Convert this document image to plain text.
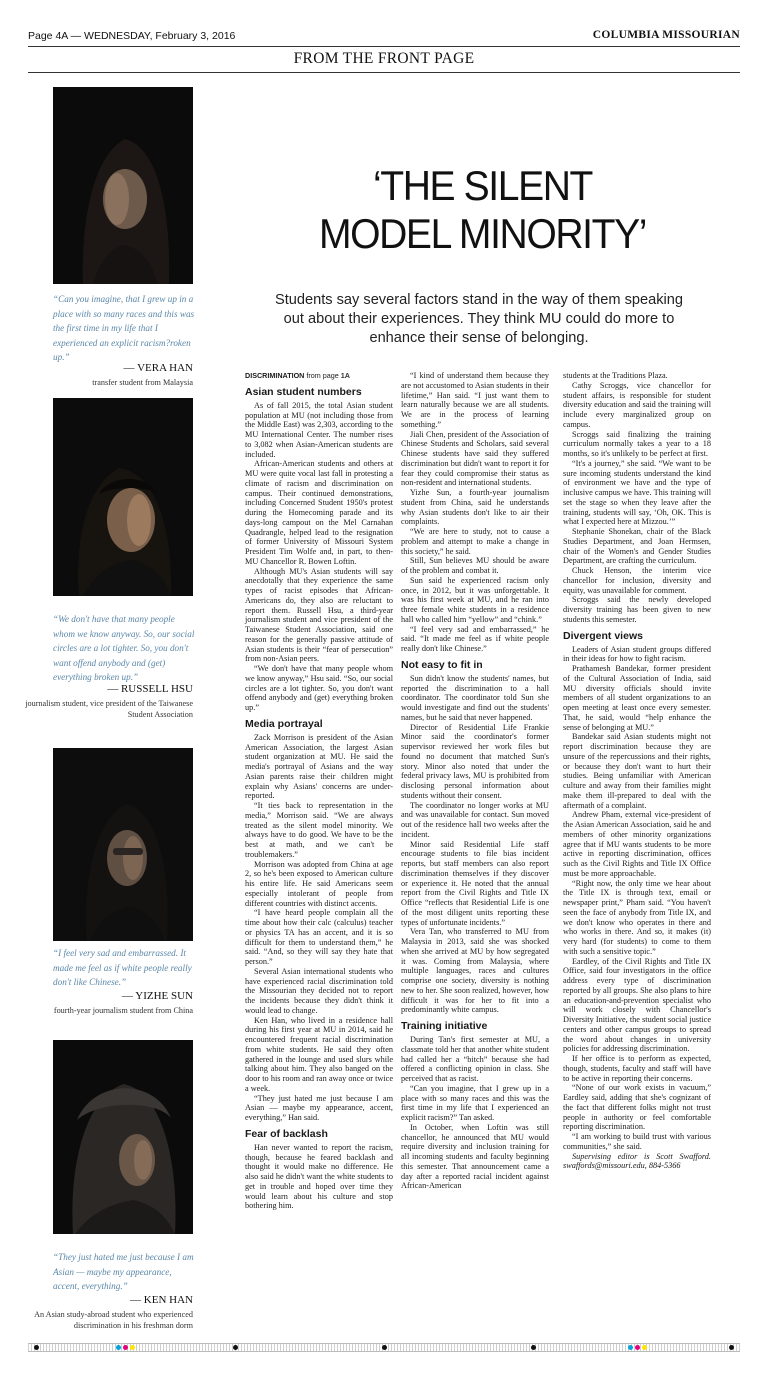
Page 4A — WEDNESDAY, February 3, 2016	COLUMBIA MISSOURIAN
FROM THE FRONT PAGE
“Can you imagine, that I grew up in a place with so many races and this was the first time in my life that I experienced an explicit racism?roken up.”
— VERA HAN
transfer student from Malaysia
“We don't have that many people whom we know anyway. So, our social circles are a lot tighter. So, you don't want offend anybody and (get) everything broken up.”
— RUSSELL HSU
journalism student, vice president of the Taiwanese Student Association
“I feel very sad and embarrassed. It made me feel as if white people really don't like Chinese.”
— YIZHE SUN
fourth-year journalism student from China
“They just hated me just because I am Asian — maybe my appearance, accent, everything.”
— KEN HAN
An Asian study-abroad student who experienced discrimination in his freshman dorm
‘THE SILENT
MODEL MINORITY’
Students say several factors stand in the way of them speaking out about their experiences. They think MU could do more to enhance their sense of belonging.
DISCRIMINATION from page 1A
Asian student numbers

As of fall 2015, the total Asian student population at MU (not including those from the Middle East) was 2,303, according to the MU International Center. The number rises to 3,082 when Asian-American students are included.

African-American students and others at MU were quite vocal last fall in protesting a climate of racism and discrimination on campus. Their continued demonstrations, including Concerned Student 1950's protest during the Homecoming parade and its days-long campout on the Mel Carnahan Quadrangle, helped lead to the resignation of former University of Missouri System President Tim Wolfe and, in part, to then-MU Chancellor R. Bowen Loftin.

Although MU's Asian students will say anecdotally that they experience the same types of racist episodes that African-Americans do, they also are reluctant to report them. Russell Hsu, a third-year journalism student and vice president of the Taiwanese Student Association, said one reason for the generally passive attitude of Asian students is their “fear of persecution” from non-Asian peers.

“We don't have that many people whom we know anyway,” Hsu said. “So, our social circles are a lot tighter. So, you don't want offend anybody and (get) everything broken up.”

Media portrayal

Zack Morrison is president of the Asian American Association, the largest Asian student organization at MU. He said the media's portrayal of Asians and the way Asian parents raise their children might explain why Asians' concerns are under-reported.

“It ties back to representation in the media,” Morrison said. “We are always treated as the silent model minority. We always have to do good. We have to be the best at math, and we can't be troublemakers.”

Morrison was adopted from China at age 2, so he's been exposed to American culture his entire life. He said Americans seem especially intolerant of people from different countries with distinct accents.

“I have heard people complain all the time about how their calc (calculus) teacher or physics TA has an accent, and it is so difficult for them to understand them,” he said. “And, so they will say they hate that person.”

Several Asian international students who have experienced racial discrimination told the Missourian they decided not to report the incidents because they didn't think it would lead to change.

Ken Han, who lived in a residence hall during his first year at MU in 2014, said he encountered frequent racial discrimination from white students. He said they often gathered in the lounge and used slurs while talking about him. They also banged on the door to his room and ran away once or twice a week.

“They just hated me just because I am Asian — maybe my appearance, accent, everything,” Han said.

Fear of backlash

Han never wanted to report the racism, though, because he feared backlash and thought it would make no difference. He also said he didn't want the white students to get in trouble and hoped over time they would learn about his culture and stop bothering him.

“I kind of understand them because they are not accustomed to Asian students in their lifetime,” Han said. “I just want them to learn naturally because we are all students. We are in the process of learning something.”

Jiali Chen, president of the Association of Chinese Students and Scholars, said several Chinese students have said they suffered discrimination but didn't want to report it for fear they could compromise their status as non-resident and international students.

Yizhe Sun, a fourth-year journalism student from China, said he understands why Asian students don't like to air their complaints.

“We are here to study, not to cause a problem and attempt to make a change in this society,” he said.

Still, Sun believes MU should be aware of the problem and combat it.

Sun said he experienced racism only once, in 2012, but it was unforgettable. It was his first week at MU, and he ran into three female white students in a residence hall who called him “yellow” and “chink.”

“I feel very sad and embarrassed,” he said. “It made me feel as if white people really don't like Chinese.”

Not easy to fit in

Sun didn't know the students' names, but reported the discrimination to a hall coordinator. The coordinator told Sun she would investigate and find out the students' names, but he said that never happened.

Director of Residential Life Frankie Minor said the coordinator's former supervisor reviewed her work files but found no document that matched Sun's story. Minor also noted that under the federal privacy laws, MU is prohibited from disclosing personal information about students without their consent.

The coordinator no longer works at MU and was unavailable for contact. Sun moved out of the residence hall two weeks after the incident.

Minor said Residential Life staff encourage students to file bias incident reports, but staff members can also report discrimination themselves if they discover or experience it. He noted that the annual report from the Civil Rights and Title IX Office “reflects that Residential Life is one of the most diligent units reporting these types of unfortunate incidents.”

Vera Tan, who transferred to MU from Malaysia in 2013, said she was shocked when she arrived at MU by how segregated it was. Coming from Malaysia, where multiple languages, races and cultures comprise one society, diversity is nothing new to her. She soon realized, however, how difficult it was for her to fit into a predominantly white campus.

Training initiative

During Tan's first semester at MU, a classmate told her that another white student had called her a “bitch” because she had offered a conflicting opinion in class. She perceived that as racist.

“Can you imagine, that I grew up in a place with so many races and this was the first time in my life that I experienced an explicit racism?” Tan asked.

In October, when Loftin was still chancellor, he announced that MU would require diversity and inclusion training for all incoming students and faculty beginning this semester. That announcement came a day after a reported racial incident against African-American

students at the Traditions Plaza.

Cathy Scroggs, vice chancellor for student affairs, is responsible for student diversity education and said the training will include every marginalized group on campus.

Scroggs said finalizing the training curriculum normally takes a year to a 18 months, so it's unlikely to be perfect at first.

“It's a journey,” she said. “We want to be sure incoming students understand the kind of environment we have and the type of inclusive campus we have. This training will set the stage so when they leave after the training, students will say, ‘Oh, OK. This is what I expected here at Mizzou.’”

Stephanie Shonekan, chair of the Black Studies Department, and Joan Hermsen, chair of the Women's and Gender Studies Department, are crafting the curriculum.

Chuck Henson, the interim vice chancellor for inclusion, diversity and equity, was unavailable for comment.

Scroggs said the newly developed diversity training has been given to new students this semester.

Divergent views

Leaders of Asian student groups differed in their ideas for how to fight racism.

Prathamesh Bandekar, former president of the Cultural Association of India, said MU diversity officials should invite members of all student organizations to an open meeting at least once every semester. That, he said, would “help enhance the sense of belonging at MU.”

Bandekar said Asian students might not report discrimination because they are unsure of the repercussions and their rights, or because they don't want to hurt their studies. Being unfamiliar with American culture and away from their families might make them ill-prepared to deal with the aftermath of a complaint.

Andrew Pham, external vice-president of the Asian American Association, said he and members of other minority organizations agree that if MU wants students to be more active in reporting discrimination, offices such as the Civil Rights and Title IX Office must be more approachable.

“Right now, the only time we hear about the Title IX is through text, email or newspaper print,” Pham said. “You haven't seen the face of anybody from Title IX, and we don't know who operates in there and who works in there. And so, it makes (it) very hard (for students) to come to them with such a sensitive topic.”

Eardley, of the Civil Rights and Title IX Office, said four investigators in the office address every type of discrimination reported by all groups. She also plans to hire an education-and-prevention specialist who will work closely with Chancellor's Diversity Initiative, the student social justice centers and other campus groups to spread the word about changes in university policies for addressing discrimination.

If her office is to perform as expected, though, students, faculty and staff will have to be active in reporting their concerns.

“None of our work exists in vacuum,” Eardley said, adding that she's cognizant of the fact that different folks might not trust people in authority or feel comfortable reporting discrimination.

“I am working to build trust with various communities,” she said.

Supervising editor is Scott Swafford. swaffords@missouri.edu, 884-5366
